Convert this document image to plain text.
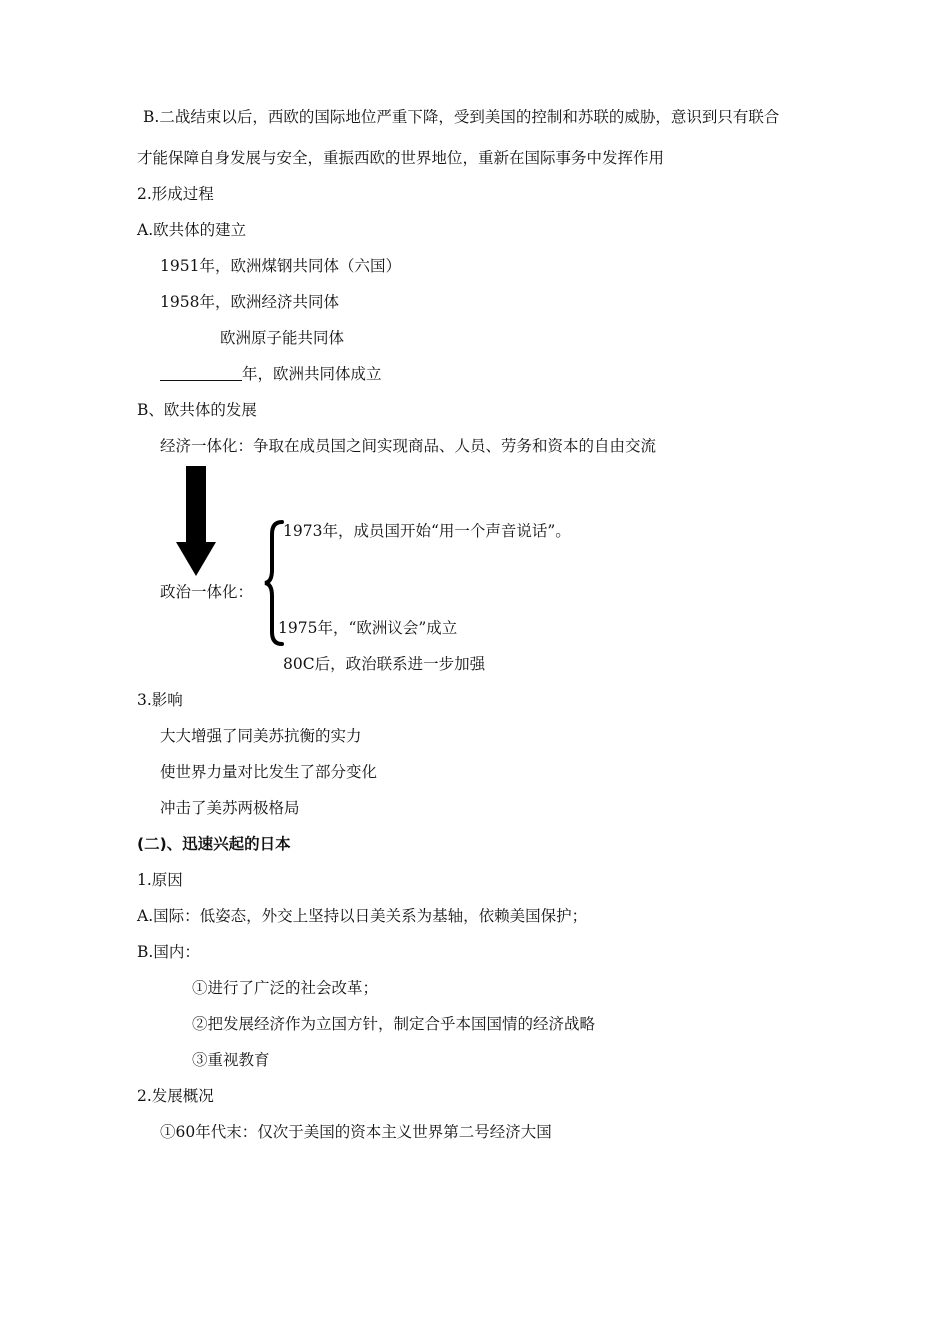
B.二战结束以后，西欧的国际地位严重下降，受到美国的控制和苏联的威胁，意识到只有联合
才能保障自身发展与安全，重振西欧的世界地位，重新在国际事务中发挥作用
2.形成过程
A.欧共体的建立
1951年，欧洲煤钢共同体（六国）
1958年，欧洲经济共同体
欧洲原子能共同体
年，欧洲共同体成立
B、欧共体的发展
经济一体化：争取在成员国之间实现商品、人员、劳务和资本的自由交流
1973年，成员国开始“用一个声音说话”。
政治一体化：
1975年，“欧洲议会”成立
80C后，政治联系进一步加强
3.影响
大大增强了同美苏抗衡的实力
使世界力量对比发生了部分变化
冲击了美苏两极格局
(二)、迅速兴起的日本
1.原因
A.国际：低姿态，外交上坚持以日美关系为基轴，依赖美国保护；
B.国内：
①进行了广泛的社会改革；
②把发展经济作为立国方针，制定合乎本国国情的经济战略
③重视教育
2.发展概况
①60年代末：仅次于美国的资本主义世界第二号经济大国
